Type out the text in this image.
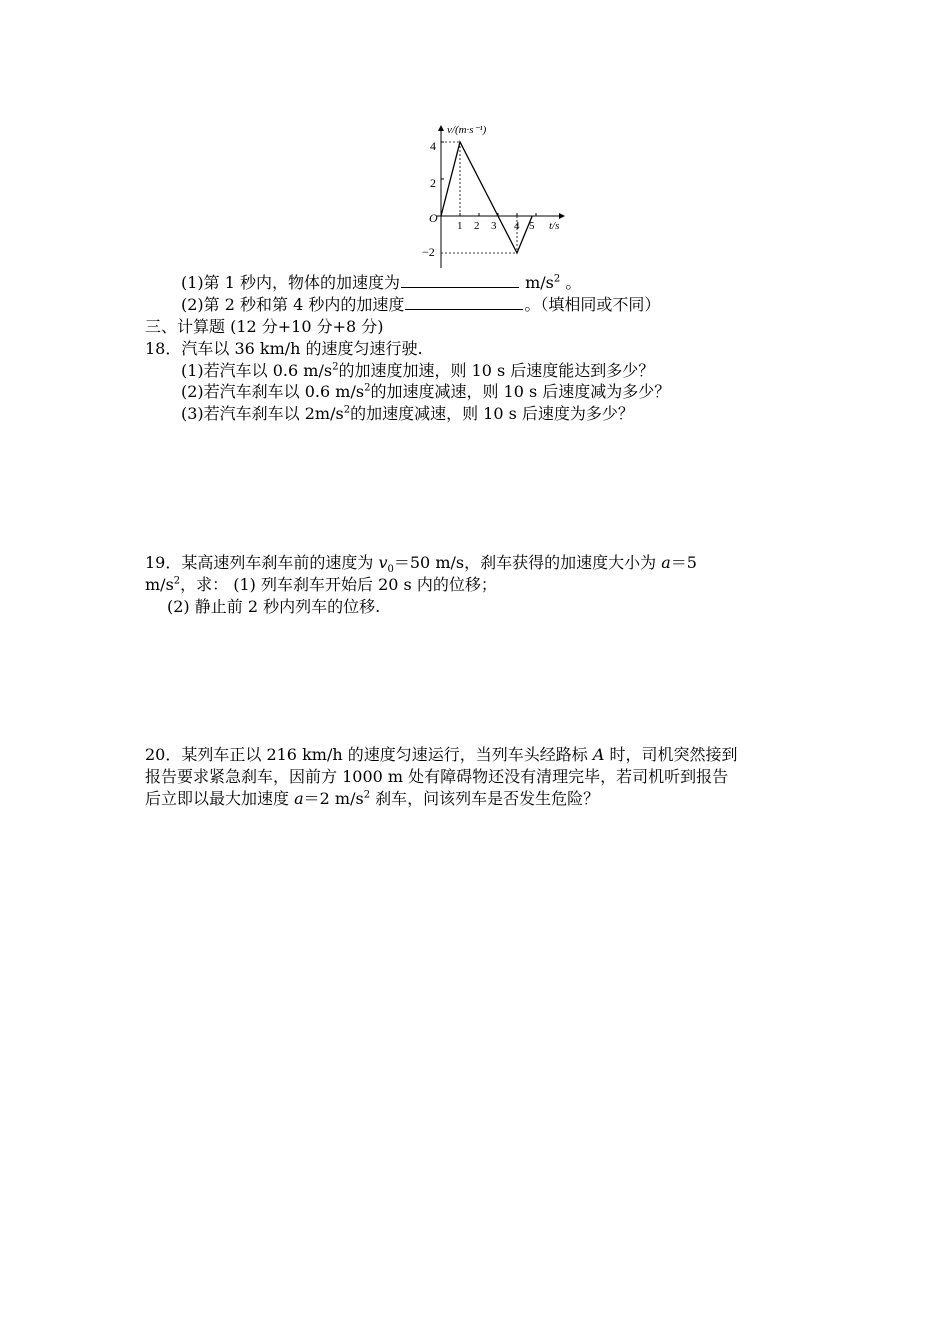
v/(m·s⁻¹)
t/s
O
4
2
−2
1 2 3 4 5
(1)第 1 秒内，物体的加速度为	$m/s^2$ 。
(2)第 2 秒和第 4 秒内的加速度	。（填相同或不同）
三、计算题 (12 分+10 分+8 分)
18．汽车以 36 km/h 的速度匀速行驶.
(1)若汽车以 0.6 $m/s^2$的加速度加速，则 10 s 后速度能达到多少？
(2)若汽车刹车以 0.6 $m/s^2$的加速度减速，则 10 s 后速度减为多少？
(3)若汽车刹车以 $2m/s^2$的加速度减速，则 10 s 后速度为多少？
19．某高速列车刹车前的速度为 $v_0=50$ m/s，刹车获得的加速度大小为 a＝5
$m/s^2$，求： (1) 列车刹车开始后 20 s 内的位移；
(2) 静止前 2 秒内列车的位移.
20．某列车正以 216 km/h 的速度匀速运行，当列车头经路标 A 时，司机突然接到
报告要求紧急刹车，因前方 1000 m 处有障碍物还没有清理完毕，若司机听到报告
后立即以最大加速度 a＝2 $m/s^2$ 刹车，问该列车是否发生危险？
